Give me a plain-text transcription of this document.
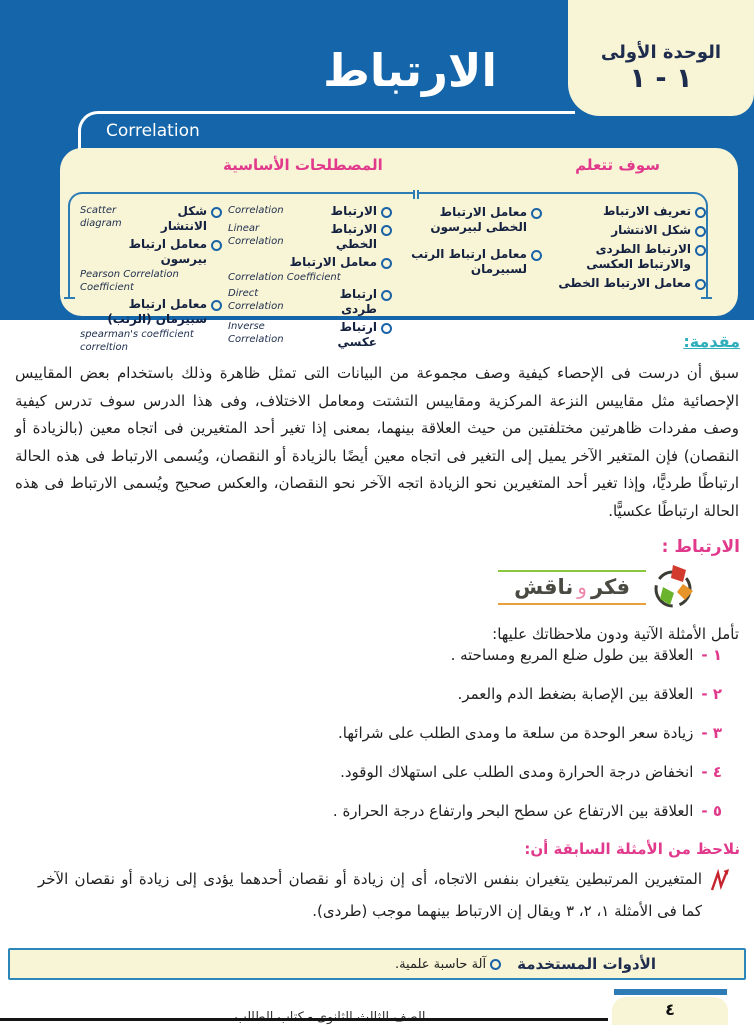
الارتباط	الوحدة الأولى
١ - ١
Correlation
سوف تتعلم
المصطلحات الأساسية
تعريف الارتباط
شكل الانتشار
الارتباط الطردى والارتباط العكسى
معامل الارتباط الخطى
معامل الارتباط الخطى لبيرسون
معامل ارتباط الرتب لسبيرمان
الارتباط
Correlation
الارتباط الخطي
Linear Correlation
معامل الارتباط
Correlation Coefficient
ارتباط طردى
Direct Correlation
ارتباط عكسي
Inverse Correlation
شكل الانتشار
Scatter diagram
معامل ارتباط بيرسون
Pearson Correlation Coefficient
معامل ارتباط سبيرمان (الرتب)
spearman's coefficient correltion	مقدمة:
سبق أن درست فى الإحصاء كيفية وصف مجموعة من البيانات التى تمثل ظاهرة وذلك باستخدام بعض المقاييس الإحصائية مثل مقاييس النزعة المركزية ومقاييس التشتت ومعامل الاختلاف، وفى هذا الدرس سوف تدرس كيفية وصف مفردات ظاهرتين مختلفتين من حيث العلاقة بينهما، بمعنى إذا تغير أحد المتغيرين فى اتجاه معين (بالزيادة أو النقصان) فإن المتغير الآخر يميل إلى التغير فى اتجاه معين أيضًا بالزيادة أو النقصان، ويُسمى الارتباط فى هذه الحالة ارتباطًا طرديًّا، وإذا تغير أحد المتغيرين نحو الزيادة اتجه الآخر نحو النقصان، والعكس صحيح ويُسمى الارتباط فى هذه الحالة ارتباطًا عكسيًّا.
الارتباط :
فكروناقش
تأمل الأمثلة الآتية ودون ملاحظاتك عليها:
١ -
العلاقة بين طول ضلع المربع ومساحته .
٢ -
العلاقة بين الإصابة بضغط الدم والعمر.
٣ -
زيادة سعر الوحدة من سلعة ما ومدى الطلب على شرائها.
٤ -
انخفاض درجة الحرارة ومدى الطلب على استهلاك الوقود.
٥ -
العلاقة بين الارتفاع عن سطح البحر وارتفاع درجة الحرارة .
نلاحظ من الأمثلة السابقة أن:

المتغيرين المرتبطين يتغيران بنفس الاتجاه، أى إن زيادة أو نقصان أحدهما يؤدى إلى زيادة أو نقصان الآخر كما فى الأمثلة ١، ٢، ٣ ويقال إن الارتباط بينهما موجب (طردى).

الأدوات المستخدمة
آلة حاسبة علمية.
٤
